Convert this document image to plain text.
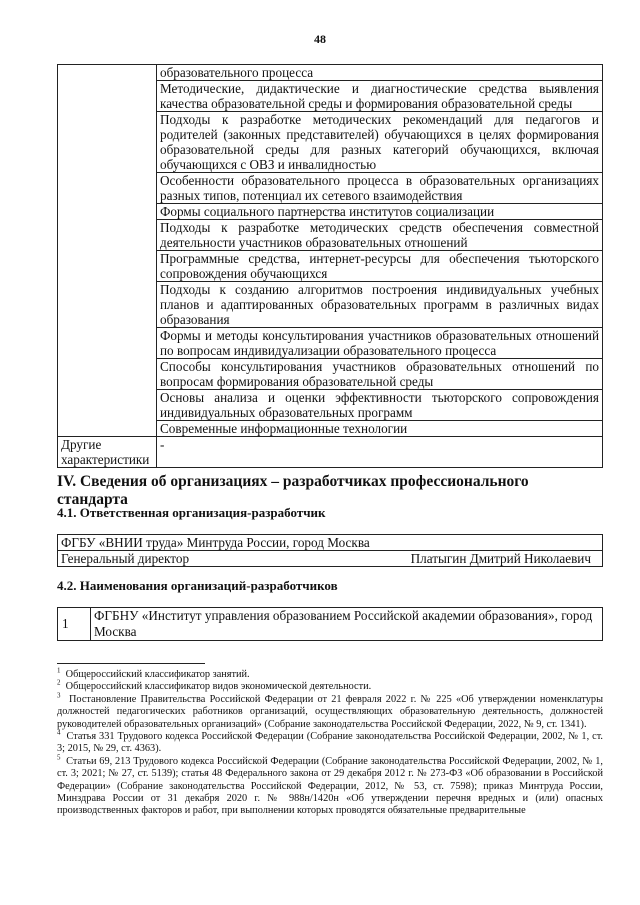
48
	образовательного процесса
	Методические, дидактические и диагностические средства выявления качества образовательной среды и формирования образовательной среды
	Подходы к разработке методических рекомендаций для педагогов и родителей (законных представителей) обучающихся в целях формирования образовательной среды для разных категорий обучающихся, включая обучающихся с ОВЗ и инвалидностью
	Особенности образовательного процесса в образовательных организациях разных типов, потенциал их сетевого взаимодействия
	Формы социального партнерства институтов социализации
	Подходы к разработке методических средств обеспечения совместной деятельности участников образовательных отношений
	Программные средства, интернет-ресурсы для обеспечения тьюторского сопровождения обучающихся
	Подходы к созданию алгоритмов построения индивидуальных учебных планов и адаптированных образовательных программ в различных видах образования
	Формы и методы консультирования участников образовательных отношений по вопросам индивидуализации образовательного процесса
	Способы консультирования участников образовательных отношений по вопросам формирования образовательной среды
	Основы анализа и оценки эффективности тьюторского сопровождения индивидуальных образовательных программ
	Современные информационные технологии
Другие характеристики	-
IV. Сведения об организациях – разработчиках профессионального стандарта
4.1. Ответственная организация-разработчик
ФГБУ «ВНИИ труда» Минтруда России, город Москва

Генеральный директор	Платыгин Дмитрий Николаевич
4.2. Наименования организаций-разработчиков
1	ФГБНУ «Институт управления образованием Российской академии образования», город Москва

$^1$ Общероссийский классификатор занятий.

$^2$ Общероссийский классификатор видов экономической деятельности.

$^3$ Постановление Правительства Российской Федерации от 21 февраля 2022 г. № 225 «Об утверждении номенклатуры должностей педагогических работников организаций, осуществляющих образовательную деятельность, должностей руководителей образовательных организаций» (Собрание законодательства Российской Федерации, 2022, № 9, ст. 1341).

$^4$ Статья 331 Трудового кодекса Российской Федерации (Собрание законодательства Российской Федерации, 2002, № 1, ст. 3; 2015, № 29, ст. 4363).

$^5$ Статьи 69, 213 Трудового кодекса Российской Федерации (Собрание законодательства Российской Федерации, 2002, № 1, ст. 3; 2021; № 27, ст. 5139); статья 48 Федерального закона от 29 декабря 2012 г. № 273-ФЗ «Об образовании в Российской Федерации» (Собрание законодательства Российской Федерации, 2012, № 53, ст. 7598); приказ Минтруда России, Минздрава России от 31 декабря 2020 г. № 988н/1420н «Об утверждении перечня вредных и (или) опасных производственных факторов и работ, при выполнении которых проводятся обязательные предварительные
